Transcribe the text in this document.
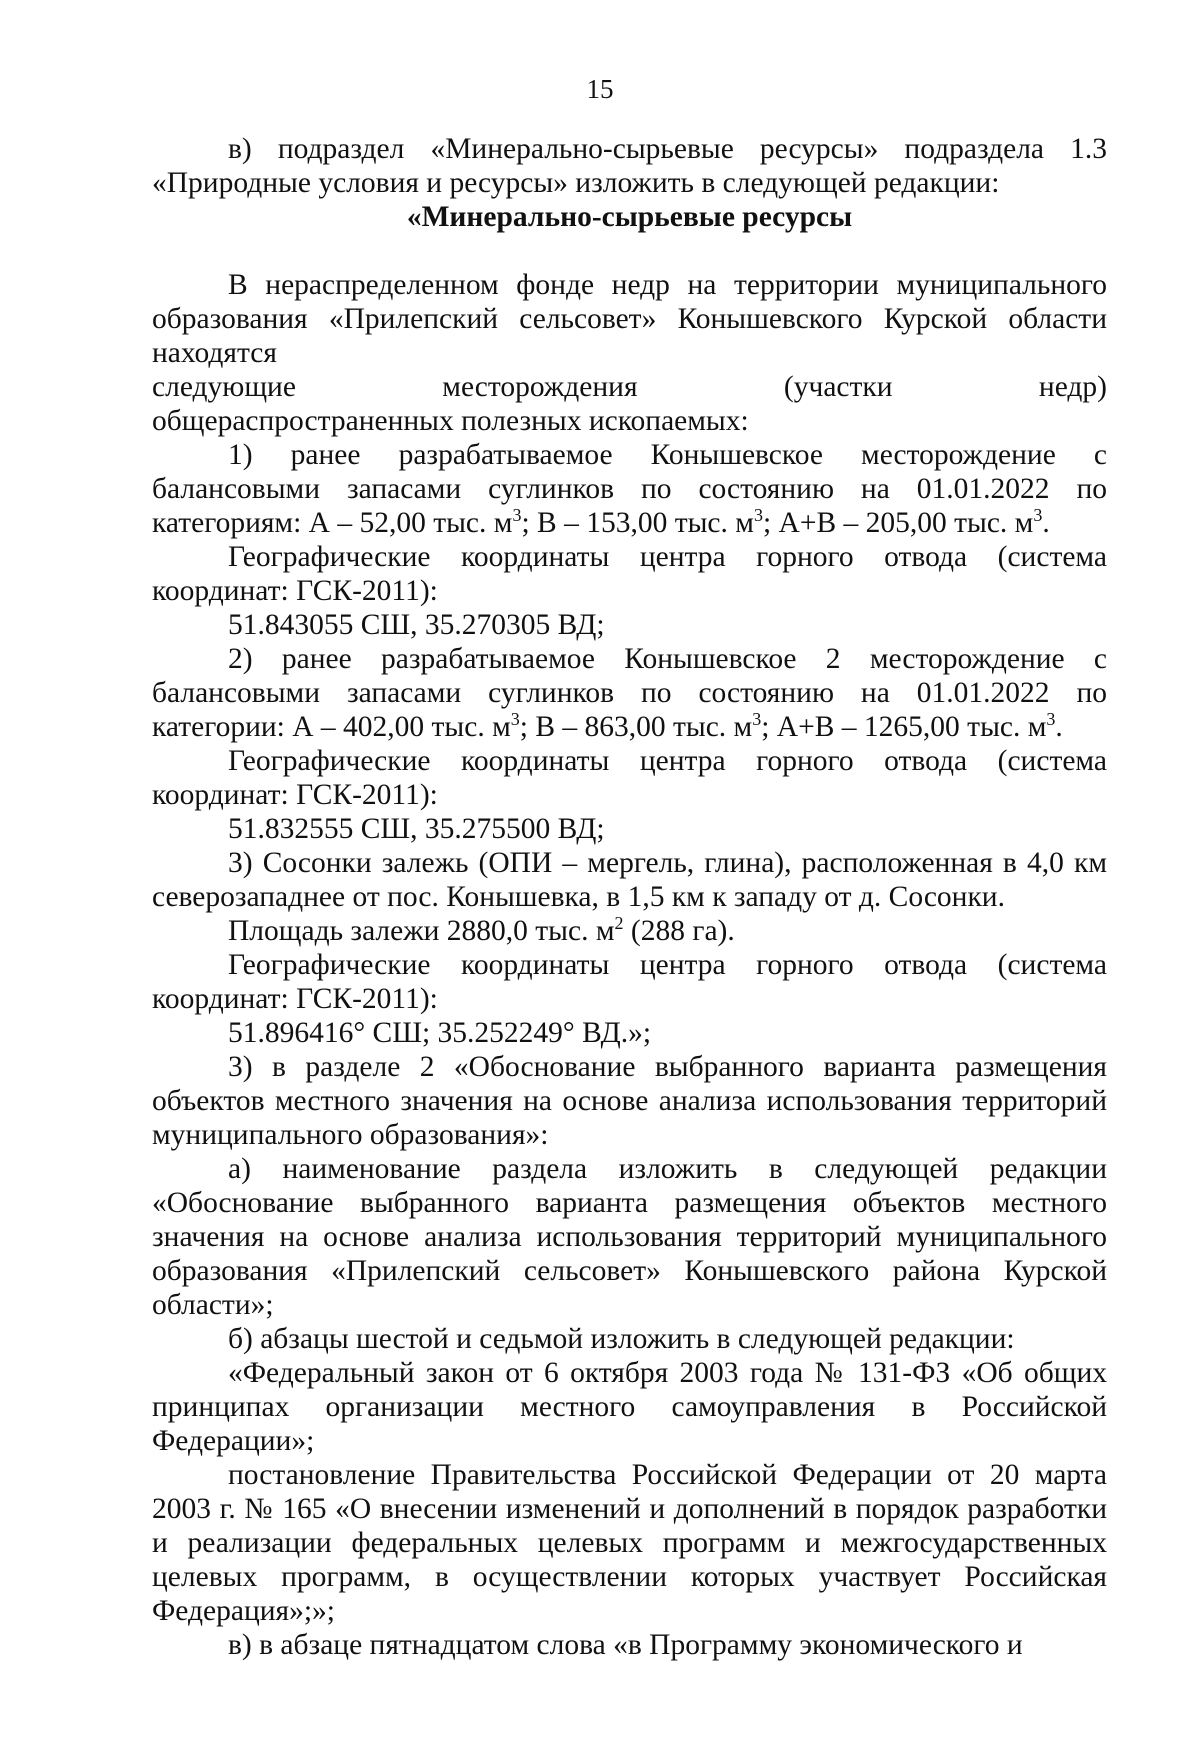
15
в) подраздел «Минерально-сырьевые ресурсы» подраздела 1.3 «Природные условия и ресурсы» изложить в следующей редакции:
«Минерально-сырьевые ресурсы
В нераспределенном фонде недр на территории муниципального образования «Прилепский сельсовет» Конышевского Курской области находятся
следующие месторождения (участки недр)
общераспространенных полезных ископаемых:
1) ранее разрабатываемое Конышевское месторождение с балансовыми запасами суглинков по состоянию на 01.01.2022 по категориям: А – 52,00 тыс. $м^3$; В – 153,00 тыс. $м^3$; А+В – 205,00 тыс. $м^3$.
Географические координаты центра горного отвода (система координат: ГСК-2011):
51.843055 СШ, 35.270305 ВД;
2) ранее разрабатываемое Конышевское 2 месторождение с балансовыми запасами суглинков по состоянию на 01.01.2022 по категории: А – 402,00 тыс. $м^3$; В – 863,00 тыс. $м^3$; А+В – 1265,00 тыс. $м^3$.
Географические координаты центра горного отвода (система координат: ГСК-2011):
51.832555 СШ, 35.275500 ВД;
3) Сосонки залежь (ОПИ – мергель, глина), расположенная в 4,0 км северозападнее от пос. Конышевка, в 1,5 км к западу от д. Сосонки.
Площадь залежи 2880,0 тыс. $м^2$ (288 га).
Географические координаты центра горного отвода (система координат: ГСК-2011):
51.896416° СШ; 35.252249° ВД.»;
3) в разделе 2 «Обоснование выбранного варианта размещения объектов местного значения на основе анализа использования территорий муниципального образования»:
а) наименование раздела изложить в следующей редакции «Обоснование выбранного варианта размещения объектов местного значения на основе анализа использования территорий муниципального образования «Прилепский сельсовет» Конышевского района Курской области»;
б) абзацы шестой и седьмой изложить в следующей редакции:
«Федеральный закон от 6 октября 2003 года № 131-ФЗ «Об общих принципах организации местного самоуправления в Российской Федерации»;
постановление Правительства Российской Федерации от 20 марта 2003 г. № 165 «О внесении изменений и дополнений в порядок разработки и реализации федеральных целевых программ и межгосударственных целевых программ, в осуществлении которых участвует Российская Федерация»;»;
в) в абзаце пятнадцатом слова «в Программу экономического и
